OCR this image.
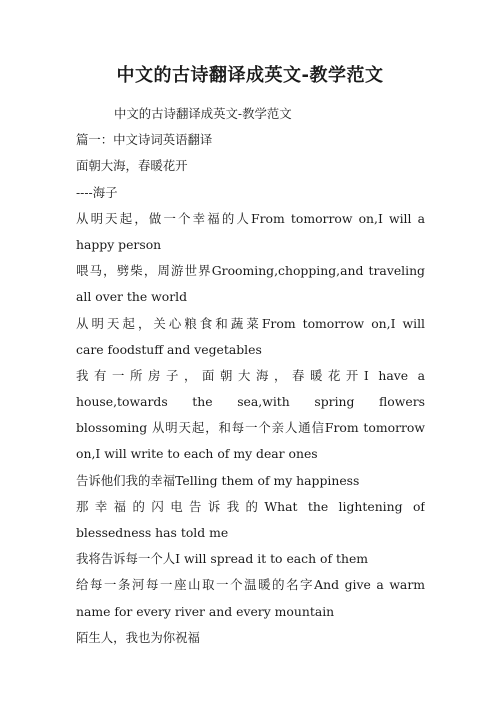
中文的古诗翻译成英文-教学范文
中文的古诗翻译成英文-教学范文
篇一：中文诗词英语翻译
面朝大海，春暖花开
----海子
从明天起，做一个幸福的人From tomorrow on,I will a
happy person
喂马，劈柴，周游世界Grooming,chopping,and traveling
all over the world
从明天起，关心粮食和蔬菜From tomorrow on,I will
care foodstuff and vegetables
我有一所房子，面朝大海，春暖花开I have a
house,towards the sea,with spring flowers
blossoming 从明天起，和每一个亲人通信From tomorrow
on,I will write to each of my dear ones
告诉他们我的幸福Telling them of my happiness
那幸福的闪电告诉我的What the lightening of
blessedness has told me
我将告诉每一个人I will spread it to each of them
给每一条河每一座山取一个温暖的名字And give a warm
name for every river and every mountain
陌生人，我也为你祝福
